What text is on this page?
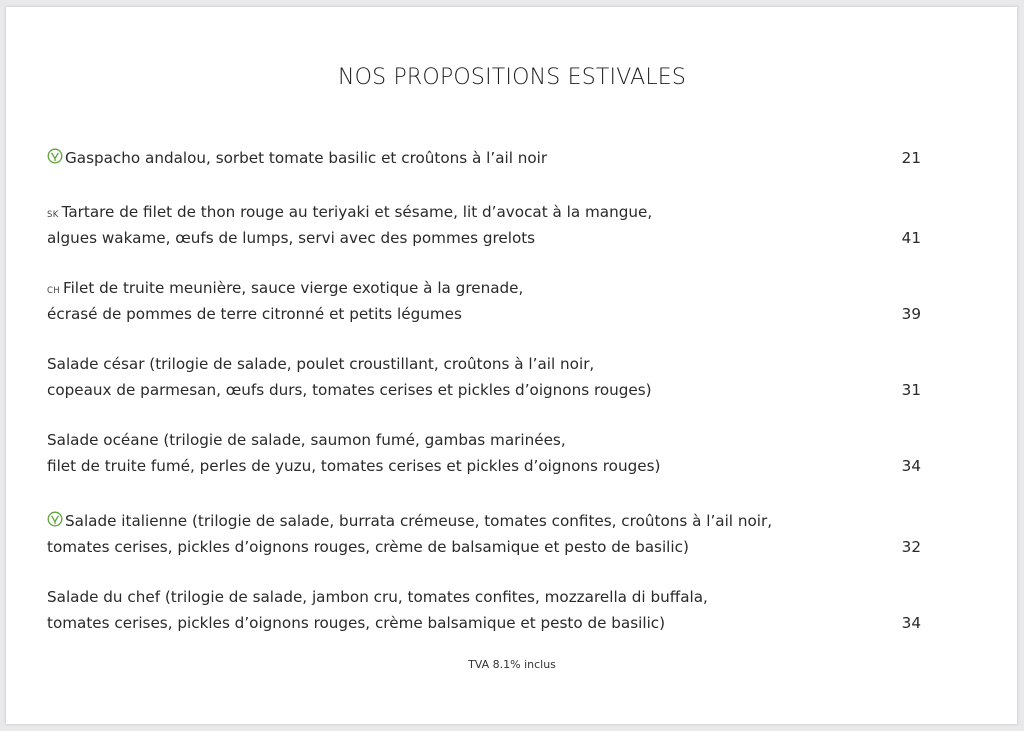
NOS PROPOSITIONS ESTIVALES
Gaspacho andalou, sorbet tomate basilic et croûtons à l’ail noir	21
SK Tartare de filet de thon rouge au teriyaki et sésame, lit d’avocat à la mangue,
algues wakame, œufs de lumps, servi avec des pommes grelots	41
CH Filet de truite meunière, sauce vierge exotique à la grenade,
écrasé de pommes de terre citronné et petits légumes	39
Salade césar (trilogie de salade, poulet croustillant, croûtons à l’ail noir,
copeaux de parmesan, œufs durs, tomates cerises et pickles d’oignons rouges)	31
Salade océane (trilogie de salade, saumon fumé, gambas marinées,
filet de truite fumé, perles de yuzu, tomates cerises et pickles d’oignons rouges)	34
Salade italienne (trilogie de salade, burrata crémeuse, tomates confites, croûtons à l’ail noir,
tomates cerises, pickles d’oignons rouges, crème de balsamique et pesto de basilic)	32
Salade du chef (trilogie de salade, jambon cru, tomates confites, mozzarella di buffala,
tomates cerises, pickles d’oignons rouges, crème balsamique et pesto de basilic)	34
TVA 8.1% inclus
